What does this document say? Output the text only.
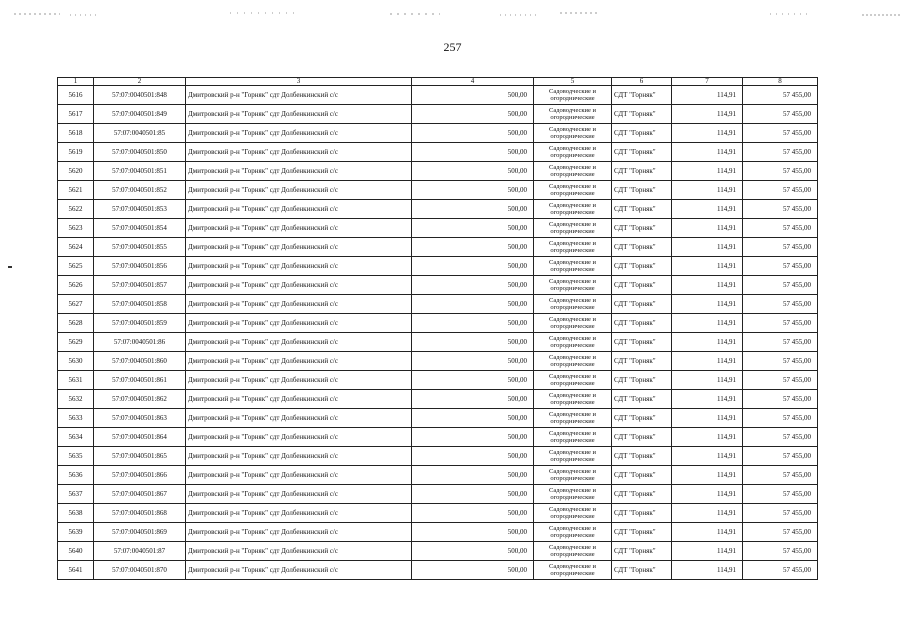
257
1	2	3	4	5	6	7	8
5616	57:07:0040501:848	Дмитровский р-н "Горняк" сдт Долбенкинский с/с	500,00	Садоводческие и огороднические	СДТ "Горняк"	114,91	57 455,00
5617	57:07:0040501:849	Дмитровский р-н "Горняк" сдт Долбенкинский с/с	500,00	Садоводческие и огороднические	СДТ "Горняк"	114,91	57 455,00
5618	57:07:0040501:85	Дмитровский р-н "Горняк" сдт Долбенкинский с/с	500,00	Садоводческие и огороднические	СДТ "Горняк"	114,91	57 455,00
5619	57:07:0040501:850	Дмитровский р-н "Горняк" сдт Долбенкинский с/с	500,00	Садоводческие и огороднические	СДТ "Горняк"	114,91	57 455,00
5620	57:07:0040501:851	Дмитровский р-н "Горняк" сдт Долбенкинский с/с	500,00	Садоводческие и огороднические	СДТ "Горняк"	114,91	57 455,00
5621	57:07:0040501:852	Дмитровский р-н "Горняк" сдт Долбенкинский с/с	500,00	Садоводческие и огороднические	СДТ "Горняк"	114,91	57 455,00
5622	57:07:0040501:853	Дмитровский р-н "Горняк" сдт Долбенкинский с/с	500,00	Садоводческие и огороднические	СДТ "Горняк"	114,91	57 455,00
5623	57:07:0040501:854	Дмитровский р-н "Горняк" сдт Долбенкинский с/с	500,00	Садоводческие и огороднические	СДТ "Горняк"	114,91	57 455,00
5624	57:07:0040501:855	Дмитровский р-н "Горняк" сдт Долбенкинский с/с	500,00	Садоводческие и огороднические	СДТ "Горняк"	114,91	57 455,00
5625	57:07:0040501:856	Дмитровский р-н "Горняк" сдт Долбенкинский с/с	500,00	Садоводческие и огороднические	СДТ "Горняк"	114,91	57 455,00
5626	57:07:0040501:857	Дмитровский р-н "Горняк" сдт Долбенкинский с/с	500,00	Садоводческие и огороднические	СДТ "Горняк"	114,91	57 455,00
5627	57:07:0040501:858	Дмитровский р-н "Горняк" сдт Долбенкинский с/с	500,00	Садоводческие и огороднические	СДТ "Горняк"	114,91	57 455,00
5628	57:07:0040501:859	Дмитровский р-н "Горняк" сдт Долбенкинский с/с	500,00	Садоводческие и огороднические	СДТ "Горняк"	114,91	57 455,00
5629	57:07:0040501:86	Дмитровский р-н "Горняк" сдт Долбенкинский с/с	500,00	Садоводческие и огороднические	СДТ "Горняк"	114,91	57 455,00
5630	57:07:0040501:860	Дмитровский р-н "Горняк" сдт Долбенкинский с/с	500,00	Садоводческие и огороднические	СДТ "Горняк"	114,91	57 455,00
5631	57:07:0040501:861	Дмитровский р-н "Горняк" сдт Долбенкинский с/с	500,00	Садоводческие и огороднические	СДТ "Горняк"	114,91	57 455,00
5632	57:07:0040501:862	Дмитровский р-н "Горняк" сдт Долбенкинский с/с	500,00	Садоводческие и огороднические	СДТ "Горняк"	114,91	57 455,00
5633	57:07:0040501:863	Дмитровский р-н "Горняк" сдт Долбенкинский с/с	500,00	Садоводческие и огороднические	СДТ "Горняк"	114,91	57 455,00
5634	57:07:0040501:864	Дмитровский р-н "Горняк" сдт Долбенкинский с/с	500,00	Садоводческие и огороднические	СДТ "Горняк"	114,91	57 455,00
5635	57:07:0040501:865	Дмитровский р-н "Горняк" сдт Долбенкинский с/с	500,00	Садоводческие и огороднические	СДТ "Горняк"	114,91	57 455,00
5636	57:07:0040501:866	Дмитровский р-н "Горняк" сдт Долбенкинский с/с	500,00	Садоводческие и огороднические	СДТ "Горняк"	114,91	57 455,00
5637	57:07:0040501:867	Дмитровский р-н "Горняк" сдт Долбенкинский с/с	500,00	Садоводческие и огороднические	СДТ "Горняк"	114,91	57 455,00
5638	57:07:0040501:868	Дмитровский р-н "Горняк" сдт Долбенкинский с/с	500,00	Садоводческие и огороднические	СДТ "Горняк"	114,91	57 455,00
5639	57:07:0040501:869	Дмитровский р-н "Горняк" сдт Долбенкинский с/с	500,00	Садоводческие и огороднические	СДТ "Горняк"	114,91	57 455,00
5640	57:07:0040501:87	Дмитровский р-н "Горняк" сдт Долбенкинский с/с	500,00	Садоводческие и огороднические	СДТ "Горняк"	114,91	57 455,00
5641	57:07:0040501:870	Дмитровский р-н "Горняк" сдт Долбенкинский с/с	500,00	Садоводческие и огороднические	СДТ "Горняк"	114,91	57 455,00
